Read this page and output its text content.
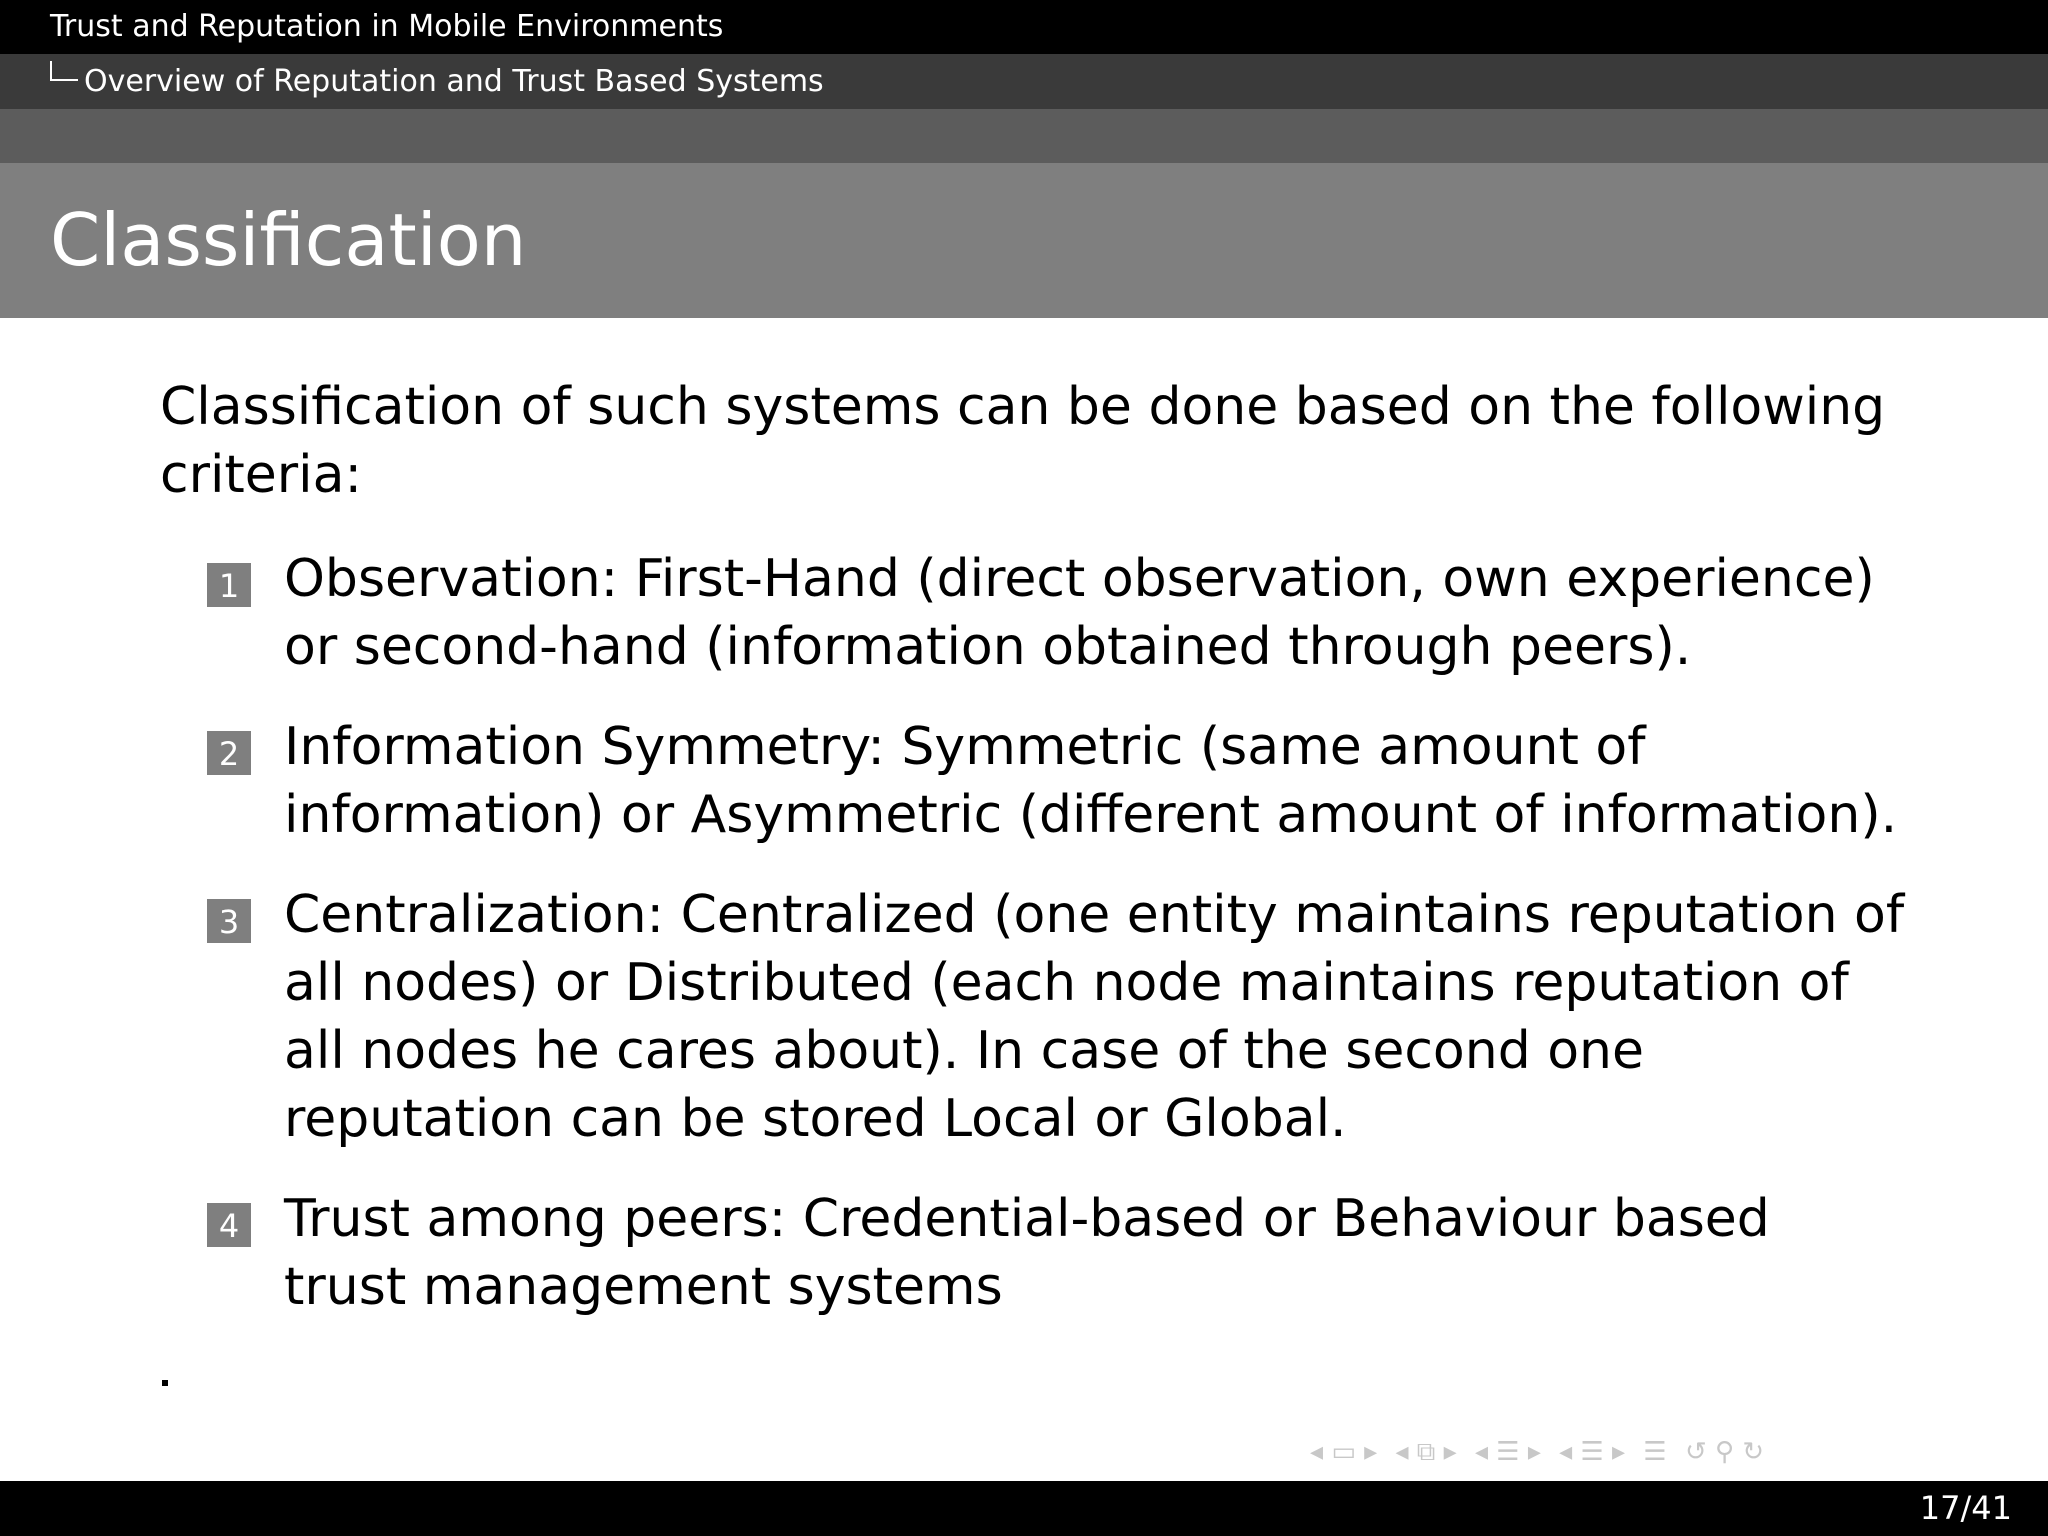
Trust and Reputation in Mobile Environments
Overview of Reputation and Trust Based Systems
Classification
Classification of such systems can be done based on the following criteria:
1 Observation: First-Hand (direct observation, own experience) or second-hand (information obtained through peers).
2 Information Symmetry: Symmetric (same amount of information) or Asymmetric (different amount of information).
3 Centralization: Centralized (one entity maintains reputation of all nodes) or Distributed (each node maintains reputation of all nodes he cares about). In case of the second one reputation can be stored Local or Global.
4 Trust among peers: Credential-based or Behaviour based trust management systems
◂ ▭ ▸ ◂ ⧉ ▸ ◂ ☰ ▸ ◂ ☰ ▸ ☰ ↺ ⚲ ↻
17/41
